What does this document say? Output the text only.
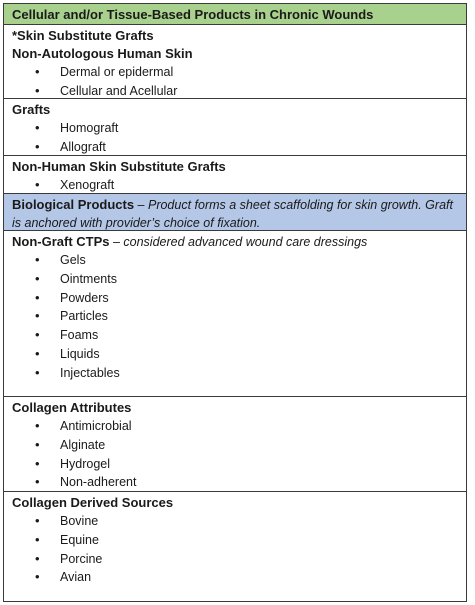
Cellular and/or Tissue-Based Products in Chronic Wounds
*Skin Substitute Grafts
Non-Autologous Human Skin
• Dermal or epidermal
• Cellular and Acellular
Grafts
• Homograft
• Allograft
Non-Human Skin Substitute Grafts
• Xenograft
Biological Products – Product forms a sheet scaffolding for skin growth. Graft is anchored with provider’s choice of fixation.
Non-Graft CTPs – considered advanced wound care dressings
• Gels
• Ointments
• Powders
• Particles
• Foams
• Liquids
• Injectables
Collagen Attributes
• Antimicrobial
• Alginate
• Hydrogel
• Non-adherent
Collagen Derived Sources
• Bovine
• Equine
• Porcine
• Avian
